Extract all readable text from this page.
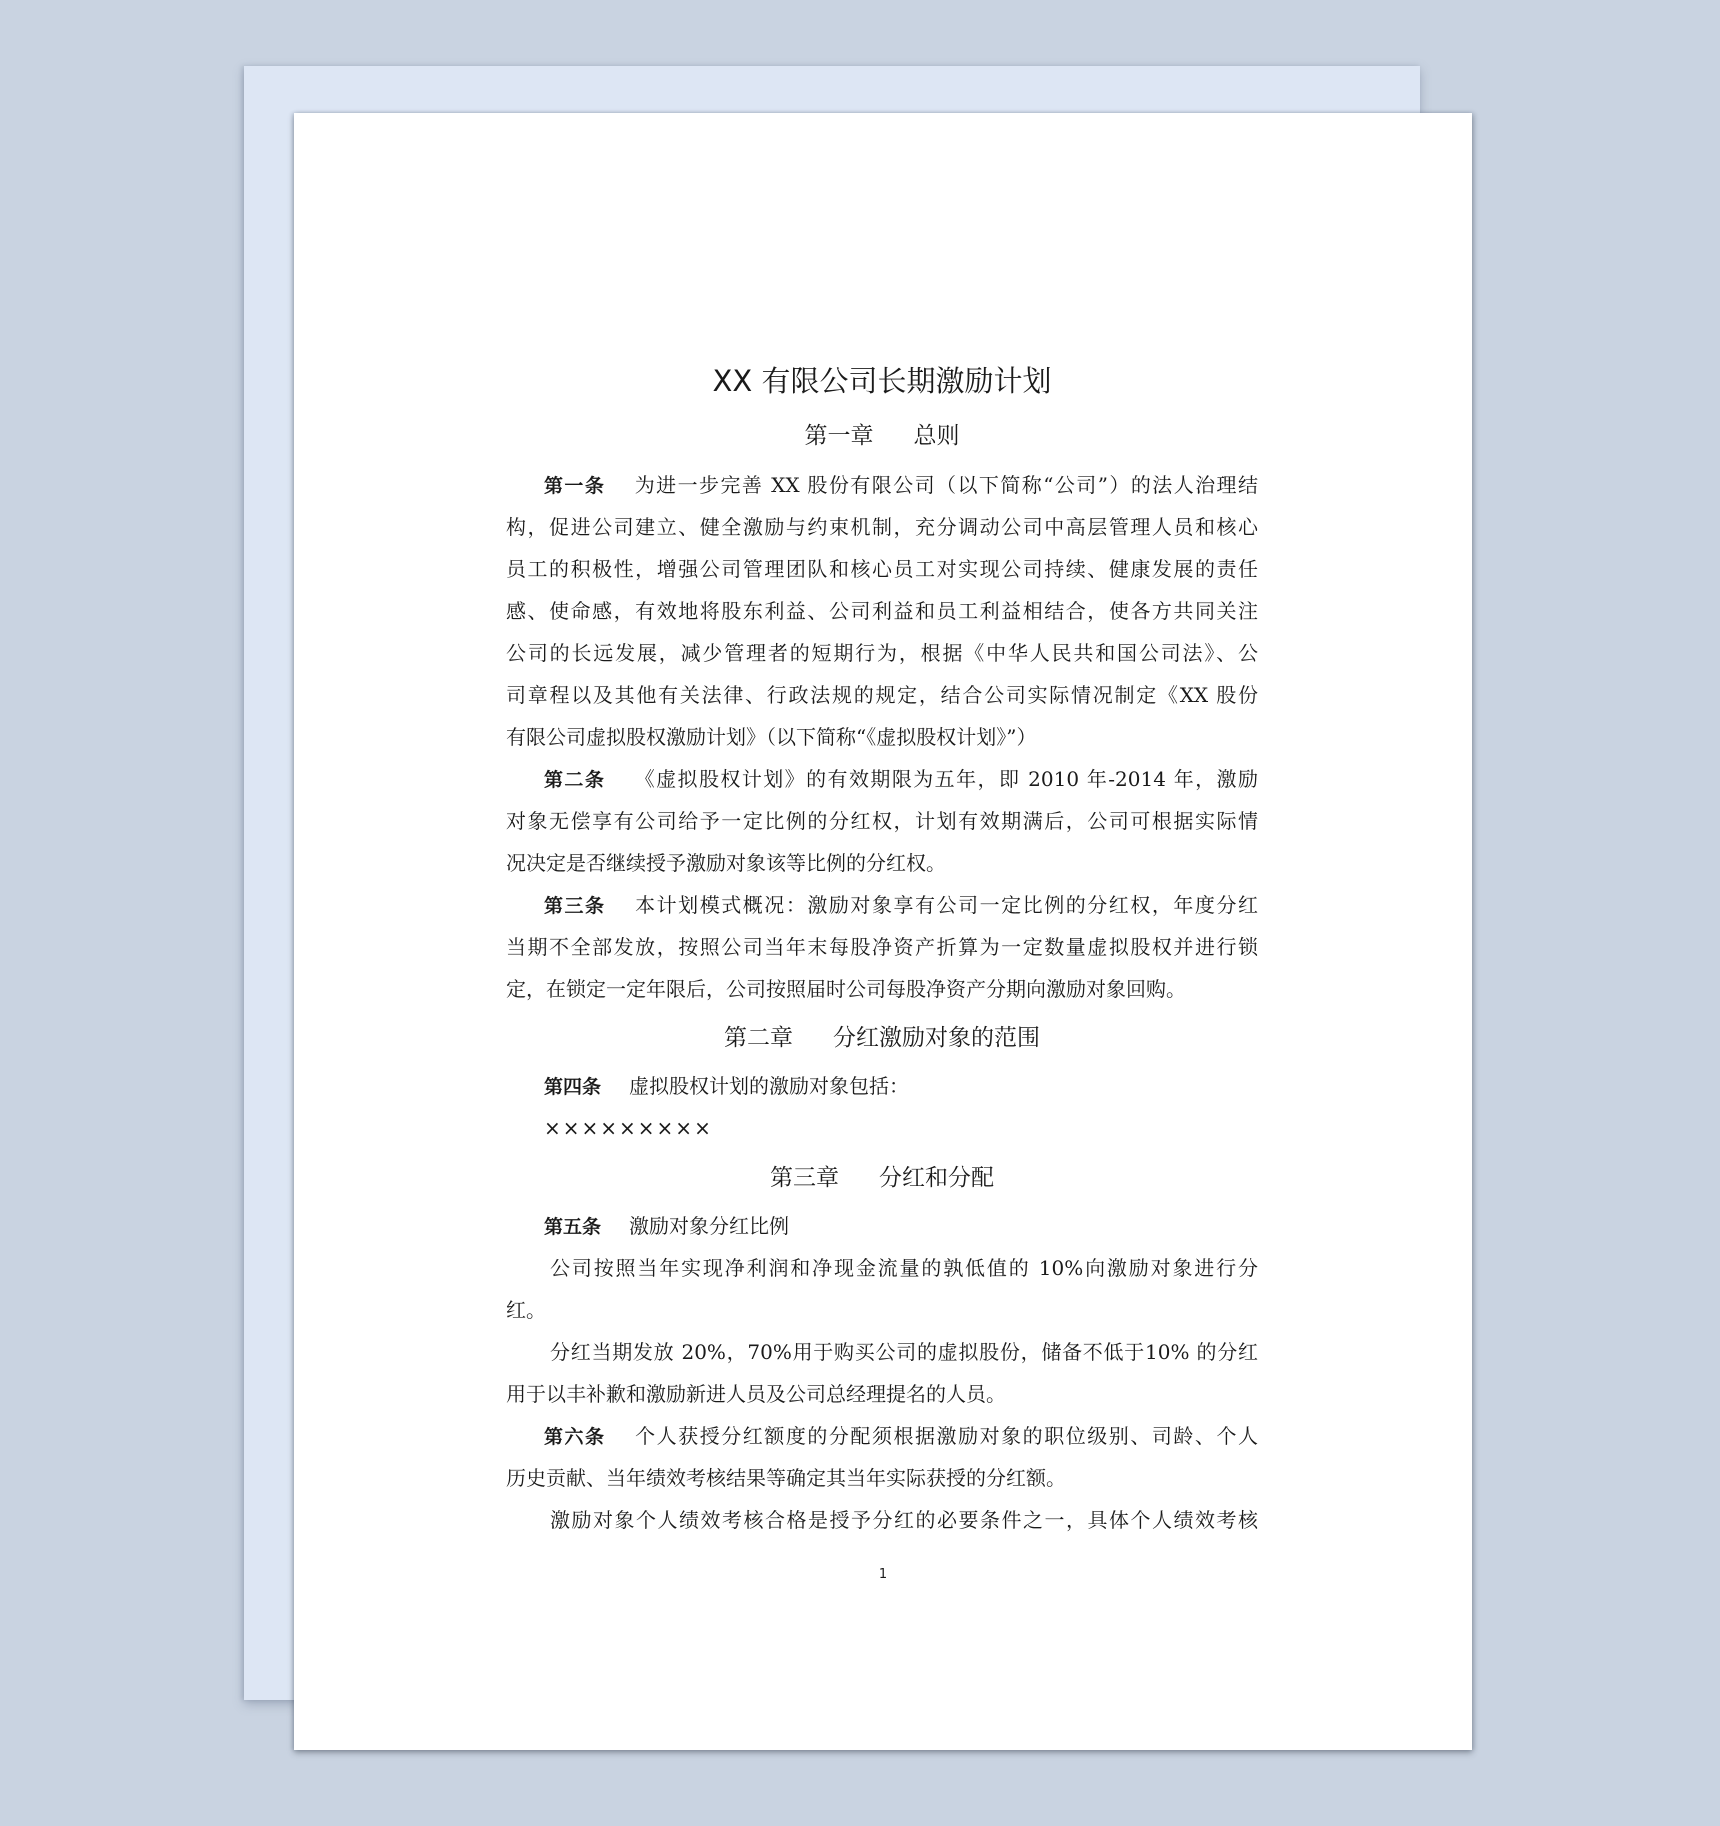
XX 有限公司长期激励计划
第一章 总则
第一条 为进一步完善 XX 股份有限公司（以下简称“公司”）的法人治理结
构，促进公司建立、健全激励与约束机制，充分调动公司中高层管理人员和核心
员工的积极性，增强公司管理团队和核心员工对实现公司持续、健康发展的责任
感、使命感，有效地将股东利益、公司利益和员工利益相结合，使各方共同关注
公司的长远发展，减少管理者的短期行为，根据《中华人民共和国公司法》、公
司章程以及其他有关法律、行政法规的规定，结合公司实际情况制定《XX 股份
有限公司虚拟股权激励计划》（以下简称“《虚拟股权计划》”）
第二条 《虚拟股权计划》的有效期限为五年，即 2010 年-2014 年，激励
对象无偿享有公司给予一定比例的分红权，计划有效期满后，公司可根据实际情
况决定是否继续授予激励对象该等比例的分红权。
第三条 本计划模式概况：激励对象享有公司一定比例的分红权，年度分红
当期不全部发放，按照公司当年末每股净资产折算为一定数量虚拟股权并进行锁
定，在锁定一定年限后，公司按照届时公司每股净资产分期向激励对象回购。
第二章 分红激励对象的范围
第四条 虚拟股权计划的激励对象包括：
×××××××××
第三章 分红和分配
第五条 激励对象分红比例
公司按照当年实现净利润和净现金流量的孰低值的 10%向激励对象进行分
红。
分红当期发放 20%，70%用于购买公司的虚拟股份，储备不低于10% 的分红
用于以丰补歉和激励新进人员及公司总经理提名的人员。
第六条 个人获授分红额度的分配须根据激励对象的职位级别、司龄、个人
历史贡献、当年绩效考核结果等确定其当年实际获授的分红额。
激励对象个人绩效考核合格是授予分红的必要条件之一，具体个人绩效考核
1
